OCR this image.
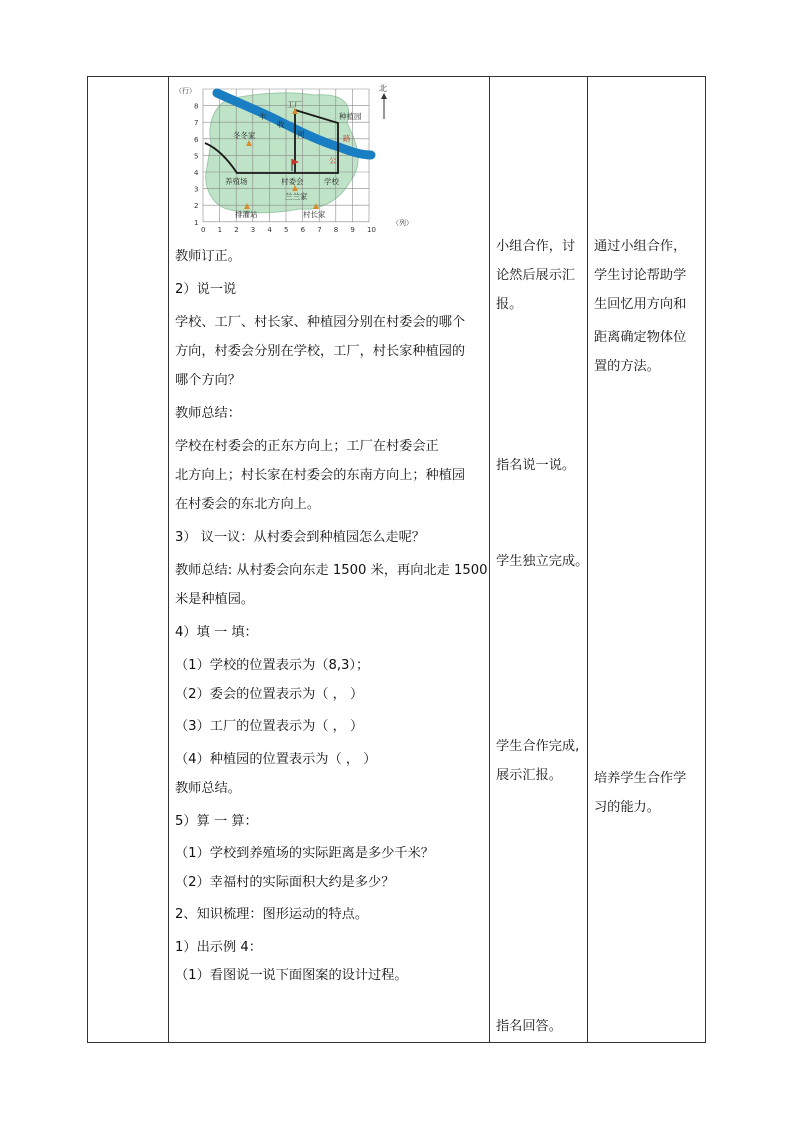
北
（行）
（列）
0 1 2 3 4 5 6 7 8 9 10
1
2
3
4
5
6
7
8	工厂
冬冬家
种植园
养殖场	村委会	学校
兰兰家
排灌站	村长家
丰
收
河	路
公
教师订正。
2）说一说
学校、工厂、村长家、种植园分别在村委会的哪个
方向，村委会分别在学校，工厂，村长家种植园的
哪个方向？
教师总结：
学校在村委会的正东方向上；工厂在村委会正
北方向上；村长家在村委会的东南方向上；种植园
在村委会的东北方向上。
3） 议一议：从村委会到种植园怎么走呢？
教师总结: 从村委会向东走 1500 米，再向北走 1500
米是种植园。
4）填 一 填：
（1）学校的位置表示为（8,3）；
（2）委会的位置表示为（ ， ）
（3）工厂的位置表示为（ ， ）
（4）种植园的位置表示为（ ， ）
教师总结。
5）算 一 算：
（1）学校到养殖场的实际距离是多少千米？
（2）幸福村的实际面积大约是多少？
2、知识梳理：图形运动的特点。
1）出示例 4：
（1）看图说一说下面图案的设计过程。
小组合作，讨
论然后展示汇
报。
指名说一说。
学生独立完成。
学生合作完成,
展示汇报。
指名回答。
通过小组合作，
学生讨论帮助学
生回忆用方向和
距离确定物体位
置的方法。
培养学生合作学
习的能力。
